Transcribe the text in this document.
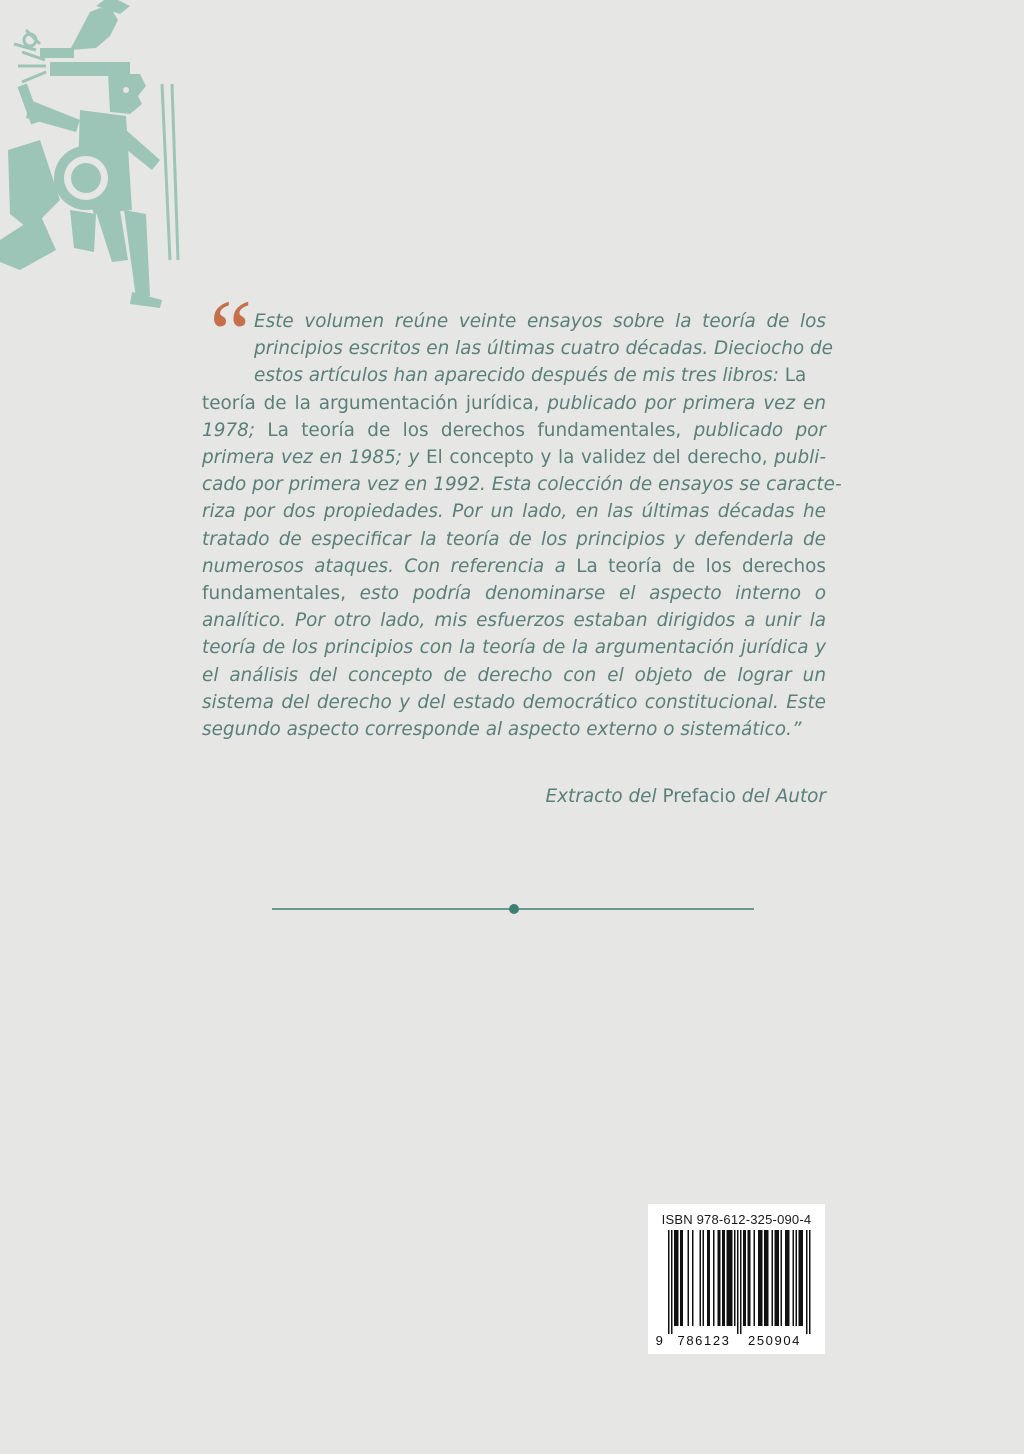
“ Este volumen reúne veinte ensayos sobre la teoría de los
principios escritos en las últimas cuatro décadas. Dieciocho de
estos artículos han aparecido después de mis tres libros: La
teoría de la argumentación jurídica, publicado por primera vez en
1978; La teoría de los derechos fundamentales, publicado por
primera vez en 1985; y El concepto y la validez del derecho, publi-
cado por primera vez en 1992. Esta colección de ensayos se caracte-
riza por dos propiedades. Por un lado, en las últimas décadas he
tratado de especificar la teoría de los principios y defenderla de
numerosos ataques. Con referencia a La teoría de los derechos
fundamentales, esto podría denominarse el aspecto interno o
analítico. Por otro lado, mis esfuerzos estaban dirigidos a unir la
teoría de los principios con la teoría de la argumentación jurídica y
el análisis del concepto de derecho con el objeto de lograr un
sistema del derecho y del estado democrático constitucional. Este
segundo aspecto corresponde al aspecto externo o sistemático.”

Extracto del Prefacio del Autor

ISBN 978-612-325-090-4
9 786123 250904
